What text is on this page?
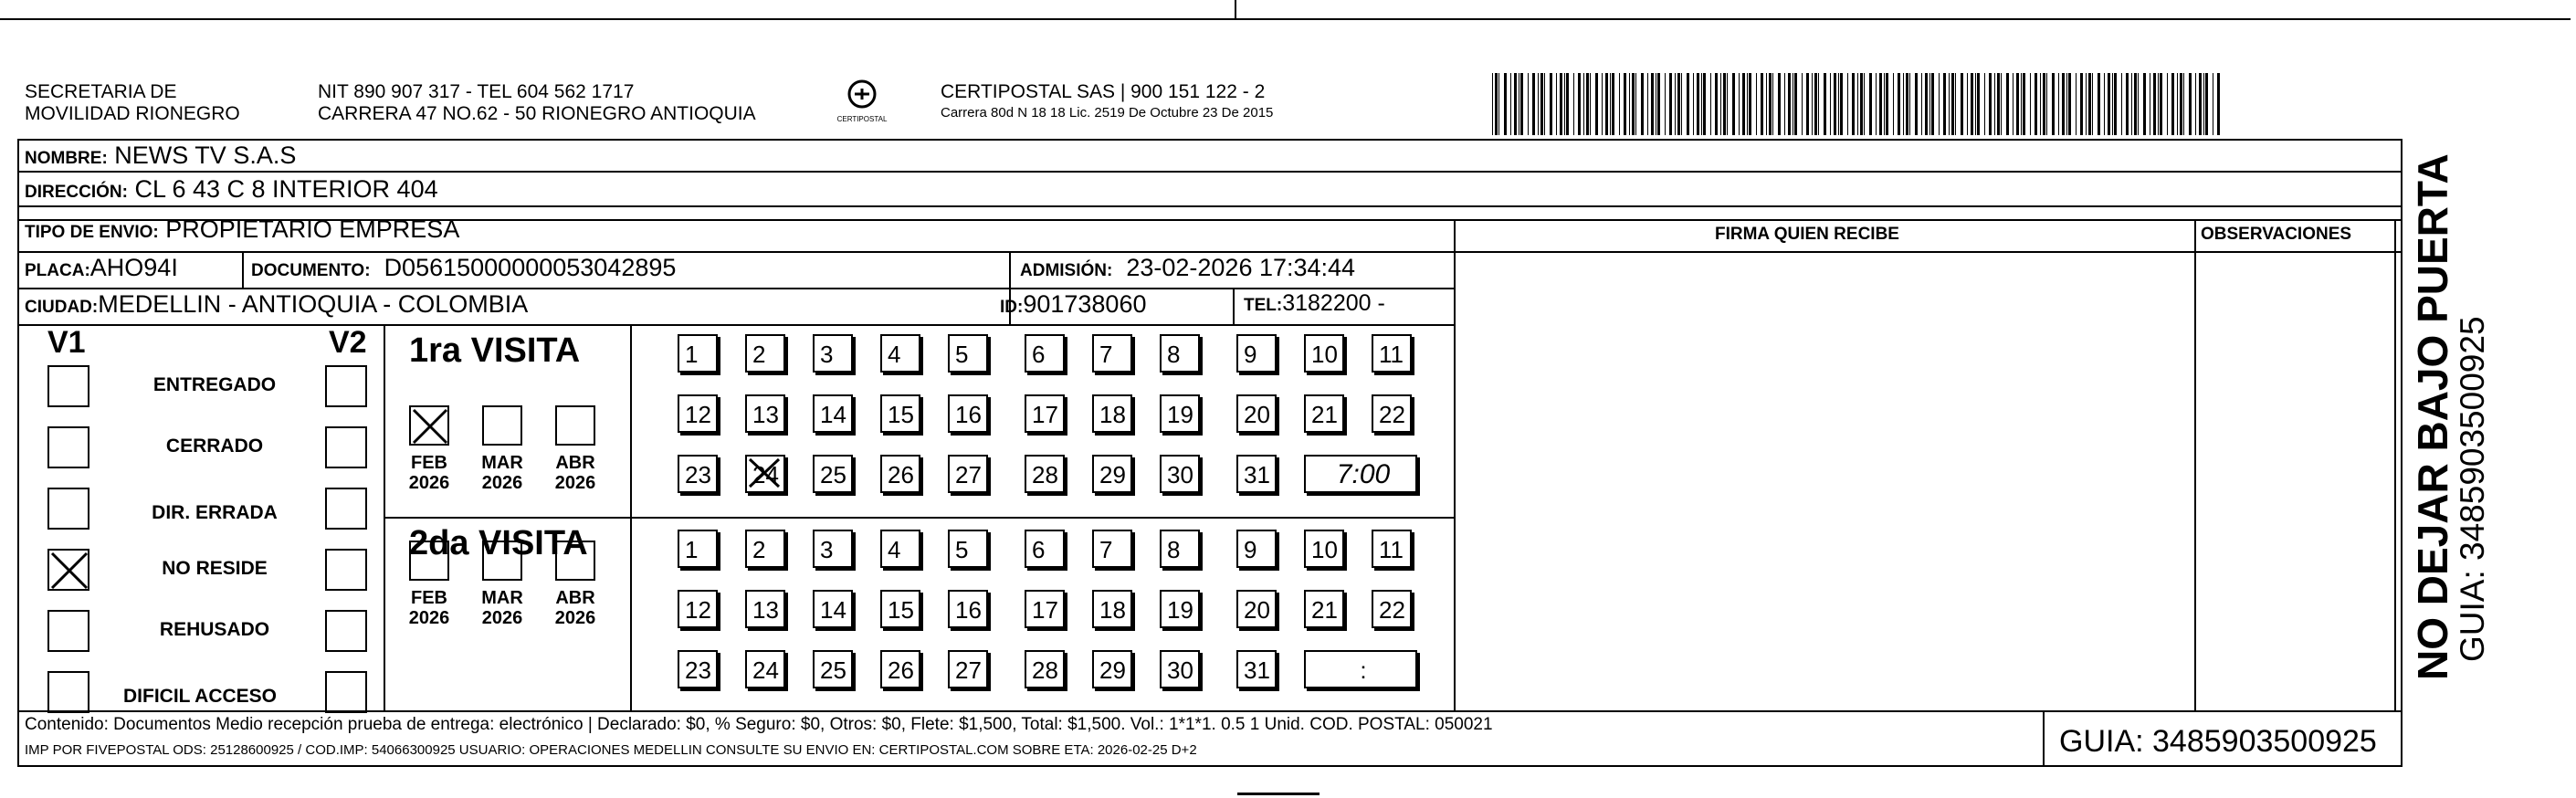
SECRETARIA DE
MOVILIDAD RIONEGRO
NIT 890 907 317 - TEL 604 562 1717
CARRERA 47 NO.62 - 50 RIONEGRO ANTIOQUIA	CERTIPOSTAL
CERTIPOSTAL SAS | 900 151 122 - 2
Carrera 80d N 18 18 Lic. 2519 De Octubre 23 De 2015
NOMBRE: NEWS TV S.A.S
DIRECCIÓN: CL 6 43 C 8 INTERIOR 404
TIPO DE ENVIO: PROPIETARIO EMPRESA	FIRMA QUIEN RECIBE	OBSERVACIONES
PLACA:AHO94I	DOCUMENTO: D05615000000053042895	ADMISIÓN: 23-02-2026 17:34:44
CIUDAD:MEDELLIN - ANTIOQUIA - COLOMBIA	ID:901738060	TEL:3182200 -
V1	V2 1ra VISITA
2da VISITA	NO DEJAR BAJO PUERTA
GUIA: 3485903500925
Contenido: Documentos Medio recepción prueba de entrega: electrónico | Declarado: $0, % Seguro: $0, Otros: $0, Flete: $1,500, Total: $1,500. Vol.: 1*1*1. 0.5 1 Unid. COD. POSTAL: 050021
IMP POR FIVEPOSTAL ODS: 25128600925 / COD.IMP: 54066300925 USUARIO: OPERACIONES MEDELLIN CONSULTE SU ENVIO EN: CERTIPOSTAL.COM SOBRE ETA: 2026-02-25 D+2	GUIA: 3485903500925
ENTREGADO
CERRADO
DIR. ERRADA
NO RESIDE
REHUSADO
DIFICIL ACCESO
FEB
2026
MAR
2026
ABR
2026
FEB
2026
MAR
2026
ABR
2026
1	2	3	4	5	6	7	8	9	10	11
12	13	14	15	16	17	18	19	20	21	22
23	24	25	26	27	28	29	30	31	7:00
1	2	3	4	5	6	7	8	9	10	11
12	13	14	15	16	17	18	19	20	21	22
23	24	25	26	27	28	29	30	31	:
